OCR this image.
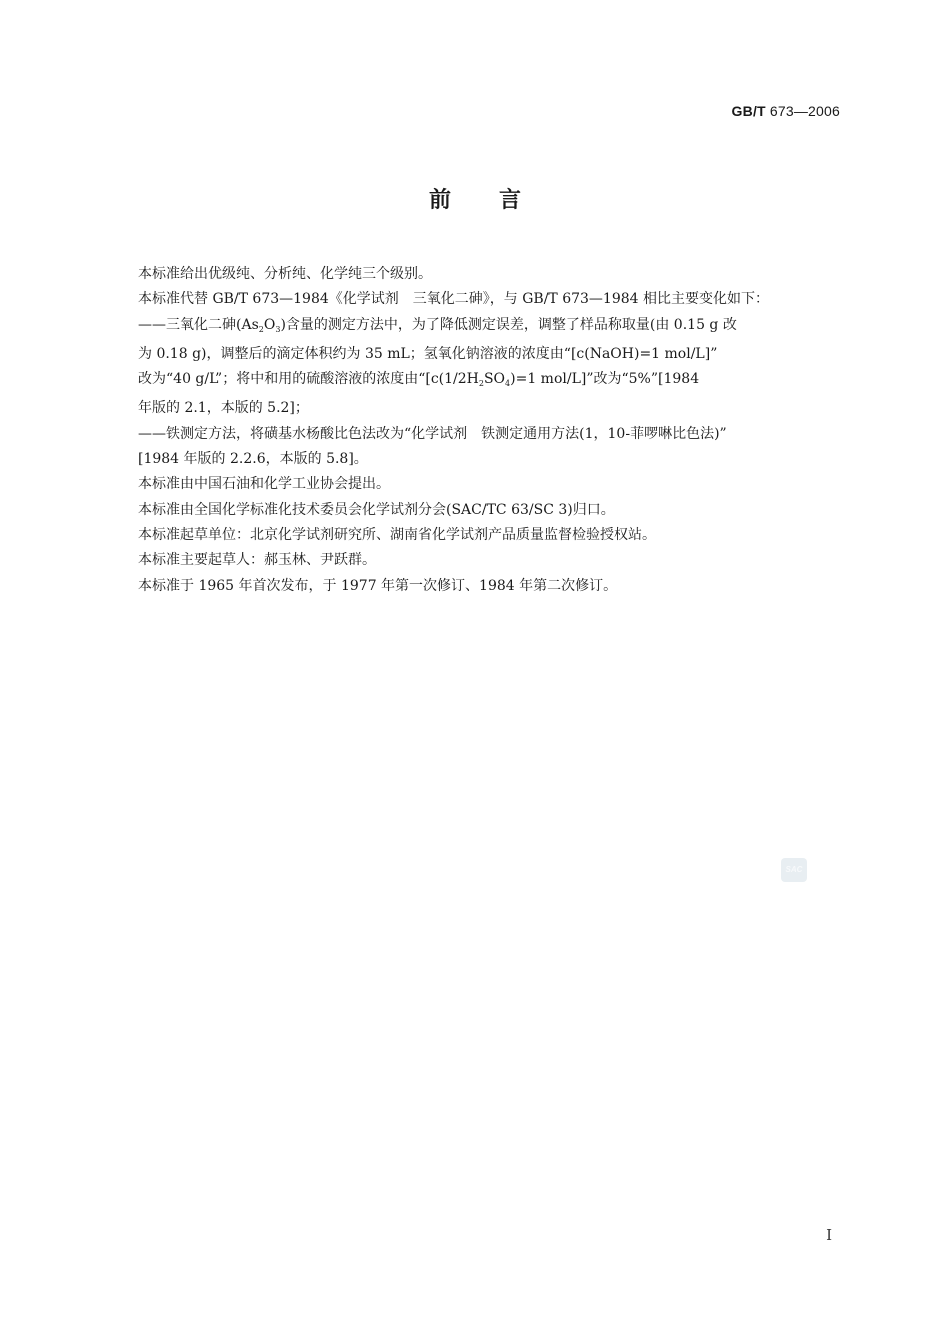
GB/T 673—2006
前言

本标准给出优级纯、分析纯、化学纯三个级别。

本标准代替 GB/T 673—1984《化学试剂　三氧化二砷》，与 GB/T 673—1984 相比主要变化如下：

——三氧化二砷$(As_2O_3)$含量的测定方法中，为了降低测定误差，调整了样品称取量(由 0.15 g 改
为 0.18 g)，调整后的滴定体积约为 35 mL；氢氧化钠溶液的浓度由“[c(NaOH)=1 mol/L]”
改为“40 g/L”；将中和用的硫酸溶液的浓度由“[$c(1/2H_2SO_4)=1$ mol/L]”改为“5%”[1984
年版的 2.1，本版的 5.2]；
——铁测定方法，将磺基水杨酸比色法改为“化学试剂　铁测定通用方法(1，10-菲啰啉比色法)”
[1984 年版的 2.2.6，本版的 5.8]。

本标准由中国石油和化学工业协会提出。

本标准由全国化学标准化技术委员会化学试剂分会(SAC/TC 63/SC 3)归口。

本标准起草单位：北京化学试剂研究所、湖南省化学试剂产品质量监督检验授权站。

本标准主要起草人：郝玉林、尹跃群。

本标准于 1965 年首次发布，于 1977 年第一次修订、1984 年第二次修订。

SAC
I
